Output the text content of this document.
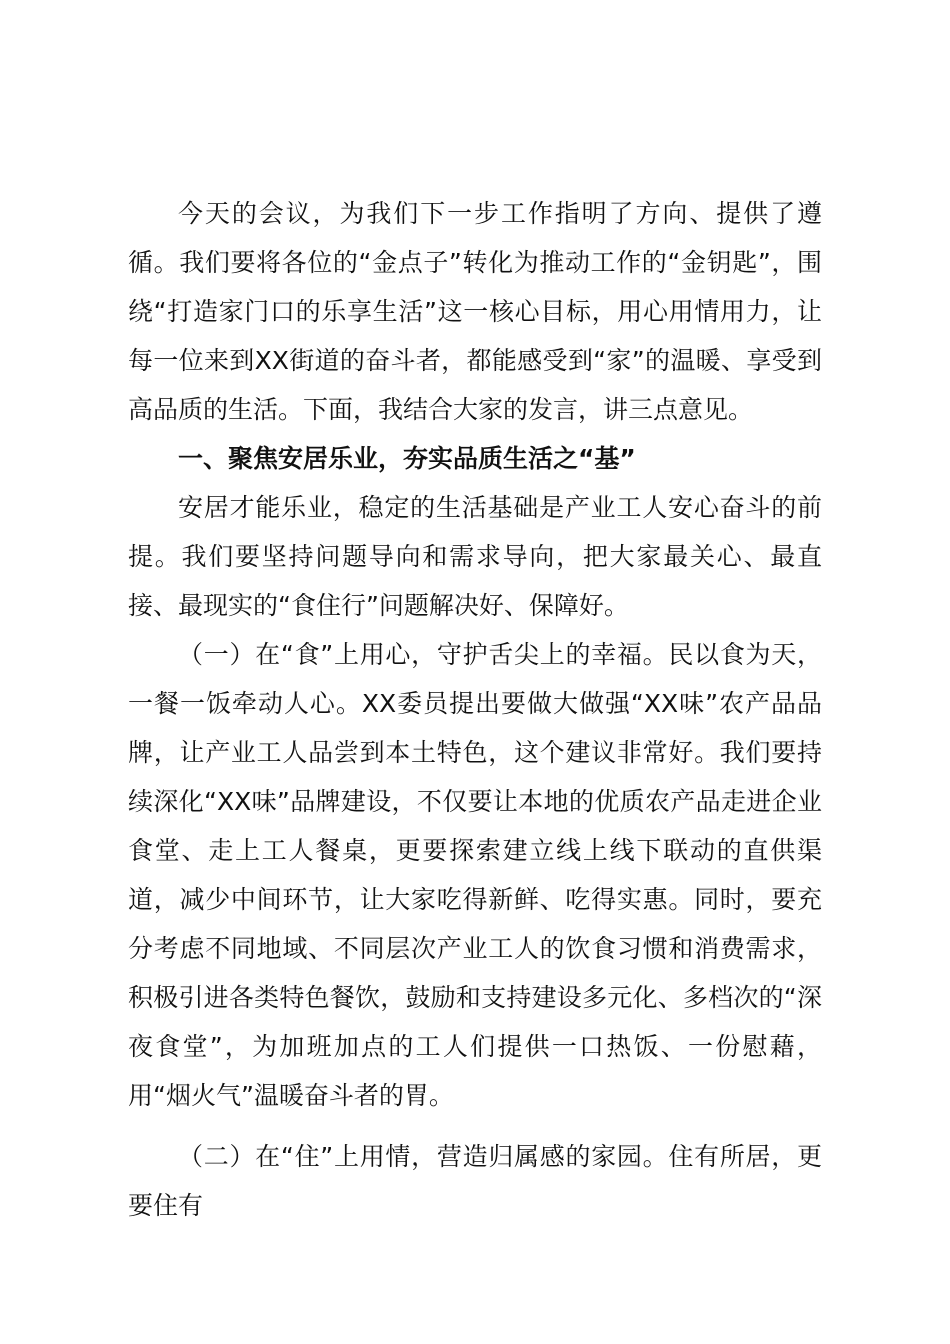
今天的会议，为我们下一步工作指明了方向、提供了遵循。我们要将各位的“金点子”转化为推动工作的“金钥匙”，围绕“打造家门口的乐享生活”这一核心目标，用心用情用力，让每一位来到XX街道的奋斗者，都能感受到“家”的温暖、享受到高品质的生活。下面，我结合大家的发言，讲三点意见。

一、聚焦安居乐业，夯实品质生活之“基”

安居才能乐业，稳定的生活基础是产业工人安心奋斗的前提。我们要坚持问题导向和需求导向，把大家最关心、最直接、最现实的“食住行”问题解决好、保障好。

（一）在“食”上用心，守护舌尖上的幸福。民以食为天，一餐一饭牵动人心。XX委员提出要做大做强“XX味”农产品品牌，让产业工人品尝到本土特色，这个建议非常好。我们要持续深化“XX味”品牌建设，不仅要让本地的优质农产品走进企业食堂、走上工人餐桌，更要探索建立线上线下联动的直供渠道，减少中间环节，让大家吃得新鲜、吃得实惠。同时，要充分考虑不同地域、不同层次产业工人的饮食习惯和消费需求，积极引进各类特色餐饮，鼓励和支持建设多元化、多档次的“深夜食堂”，为加班加点的工人们提供一口热饭、一份慰藉，用“烟火气”温暖奋斗者的胃。

（二）在“住”上用情，营造归属感的家园。住有所居，更要住有
